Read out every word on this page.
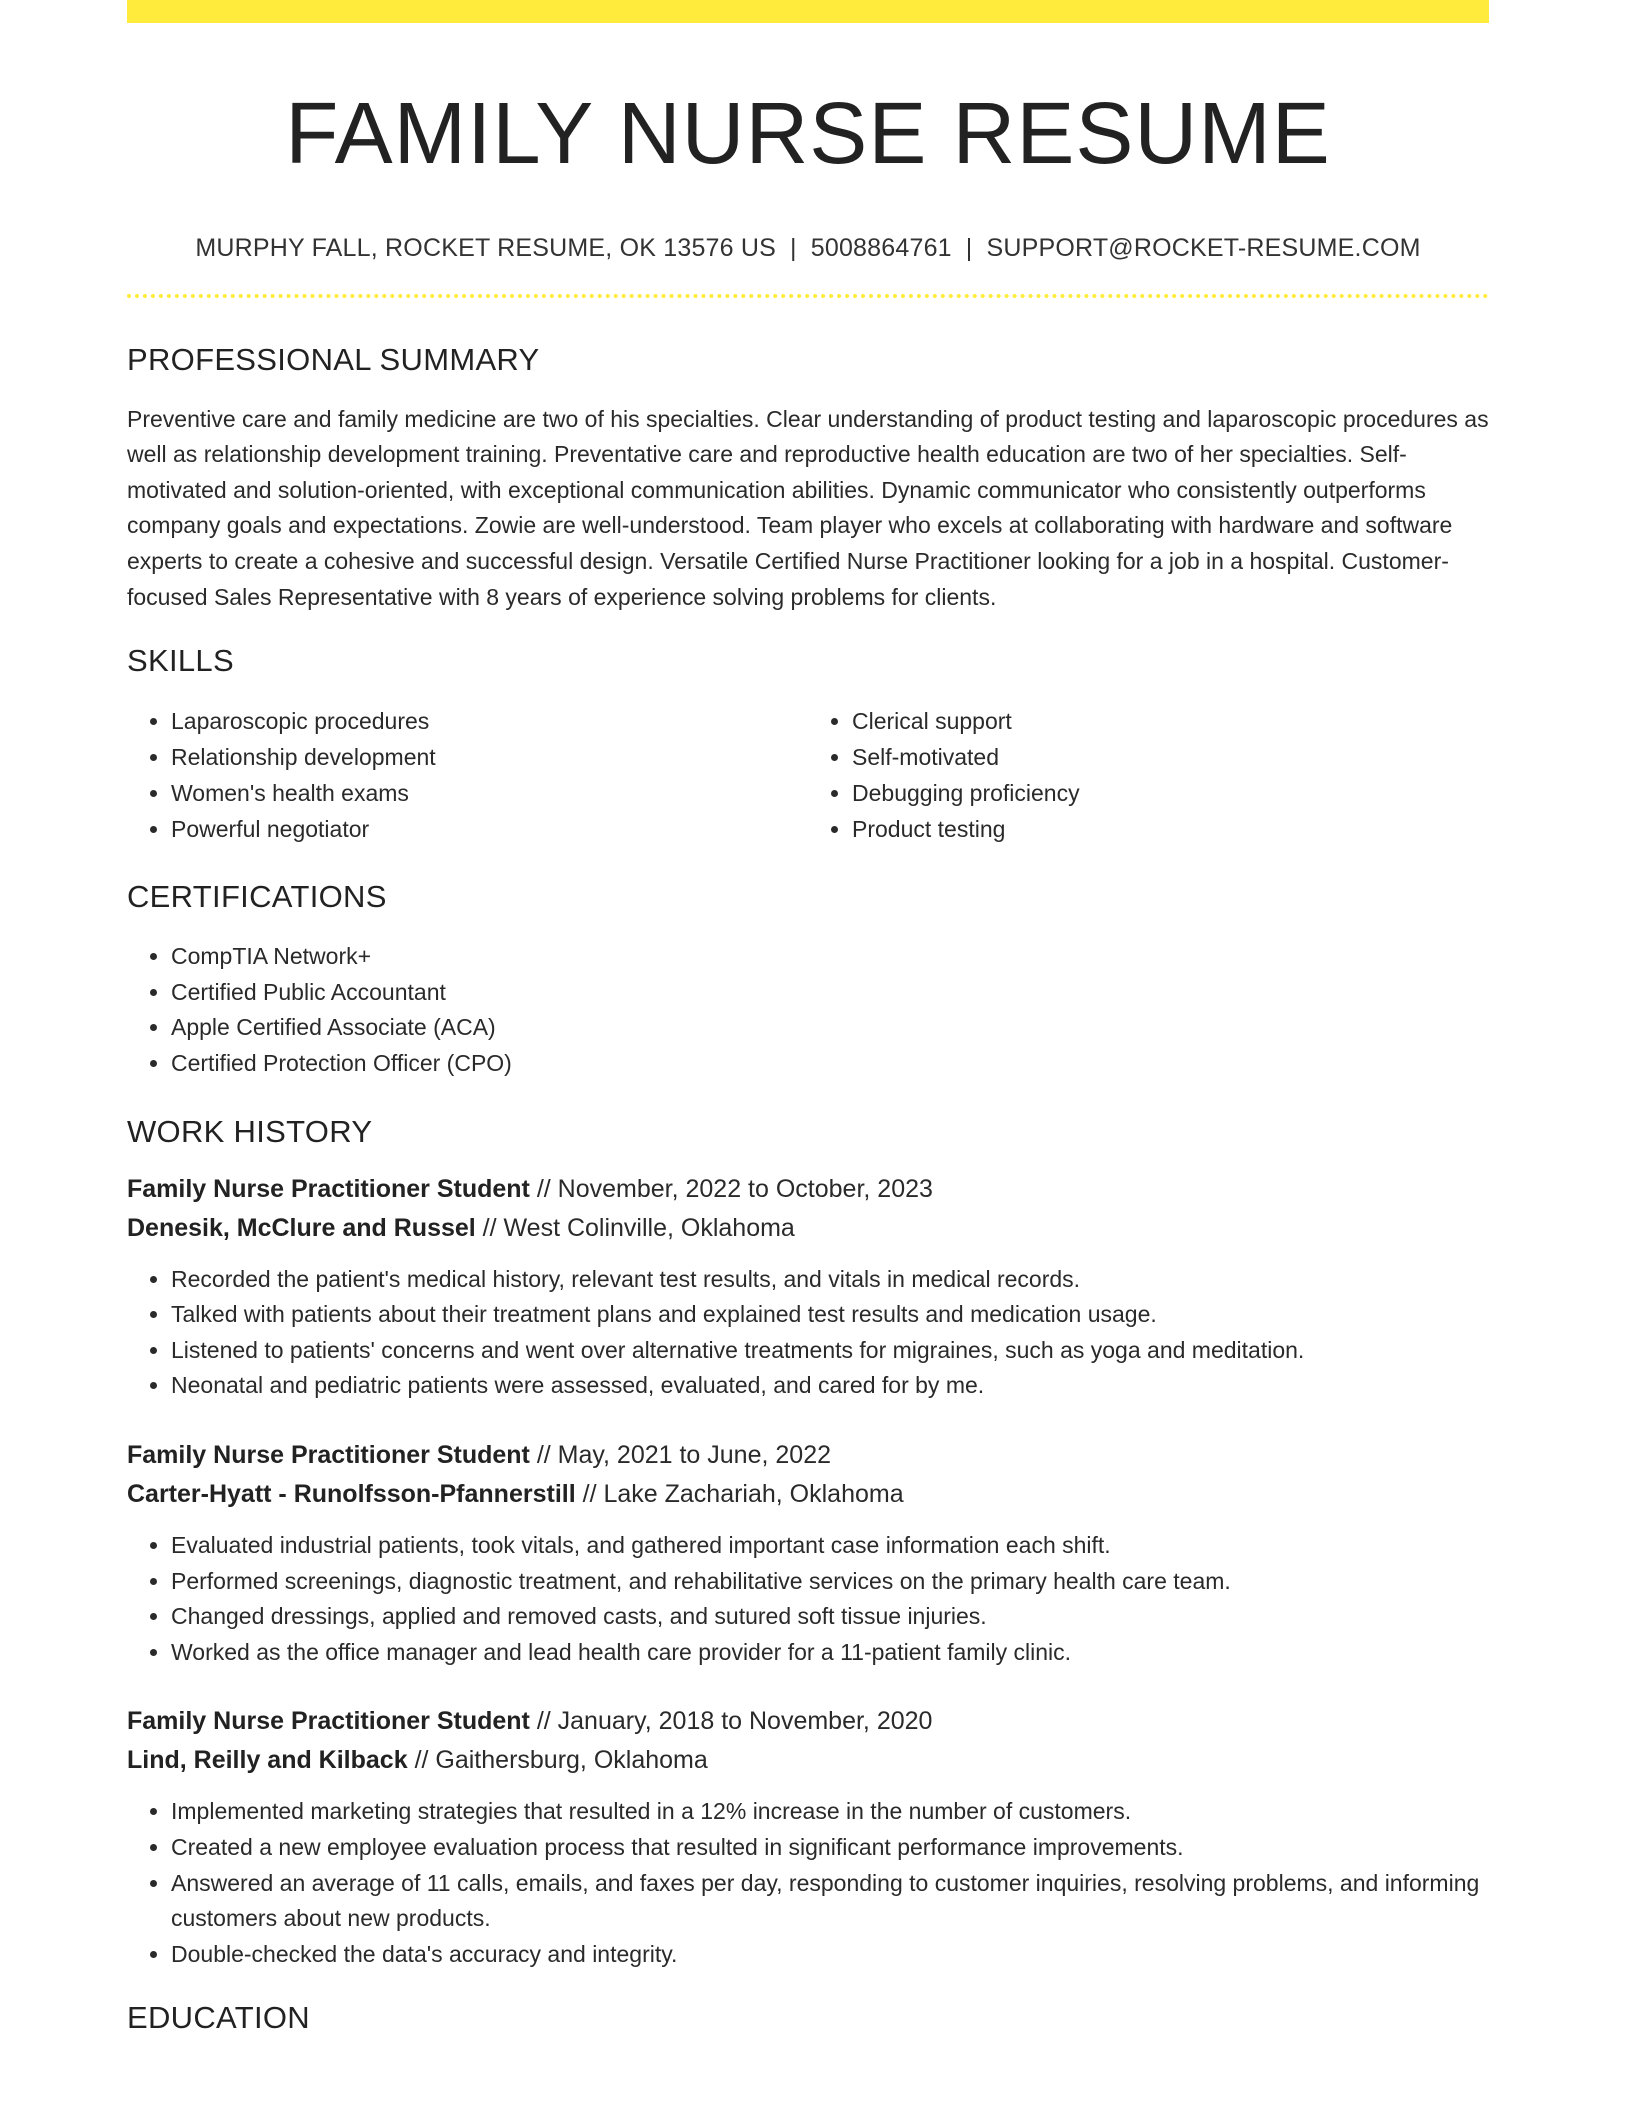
FAMILY NURSE RESUME
MURPHY FALL, ROCKET RESUME, OK 13576 US | 5008864761 | SUPPORT@ROCKET-RESUME.COM
PROFESSIONAL SUMMARY

Preventive care and family medicine are two of his specialties. Clear understanding of product testing and laparoscopic procedures as well as relationship development training. Preventative care and reproductive health education are two of her specialties. Self-motivated and solution-oriented, with exceptional communication abilities. Dynamic communicator who consistently outperforms company goals and expectations. Zowie are well-understood. Team player who excels at collaborating with hardware and software experts to create a cohesive and successful design. Versatile Certified Nurse Practitioner looking for a job in a hospital. Customer-focused Sales Representative with 8 years of experience solving problems for clients.

SKILLS
• Laparoscopic procedures
• Relationship development
• Women's health exams
• Powerful negotiator
• Clerical support
• Self-motivated
• Debugging proficiency
• Product testing
CERTIFICATIONS
• CompTIA Network+
• Certified Public Accountant
• Apple Certified Associate (ACA)
• Certified Protection Officer (CPO)
WORK HISTORY
Family Nurse Practitioner Student // November, 2022 to October, 2023
Denesik, McClure and Russel // West Colinville, Oklahoma
• Recorded the patient's medical history, relevant test results, and vitals in medical records.
• Talked with patients about their treatment plans and explained test results and medication usage.
• Listened to patients' concerns and went over alternative treatments for migraines, such as yoga and meditation.
• Neonatal and pediatric patients were assessed, evaluated, and cared for by me.
Family Nurse Practitioner Student // May, 2021 to June, 2022
Carter-Hyatt - Runolfsson-Pfannerstill // Lake Zachariah, Oklahoma
• Evaluated industrial patients, took vitals, and gathered important case information each shift.
• Performed screenings, diagnostic treatment, and rehabilitative services on the primary health care team.
• Changed dressings, applied and removed casts, and sutured soft tissue injuries.
• Worked as the office manager and lead health care provider for a 11-patient family clinic.
Family Nurse Practitioner Student // January, 2018 to November, 2020
Lind, Reilly and Kilback // Gaithersburg, Oklahoma
• Implemented marketing strategies that resulted in a 12% increase in the number of customers.
• Created a new employee evaluation process that resulted in significant performance improvements.
• Answered an average of 11 calls, emails, and faxes per day, responding to customer inquiries, resolving problems, and informing customers about new products.
• Double-checked the data's accuracy and integrity.
EDUCATION
